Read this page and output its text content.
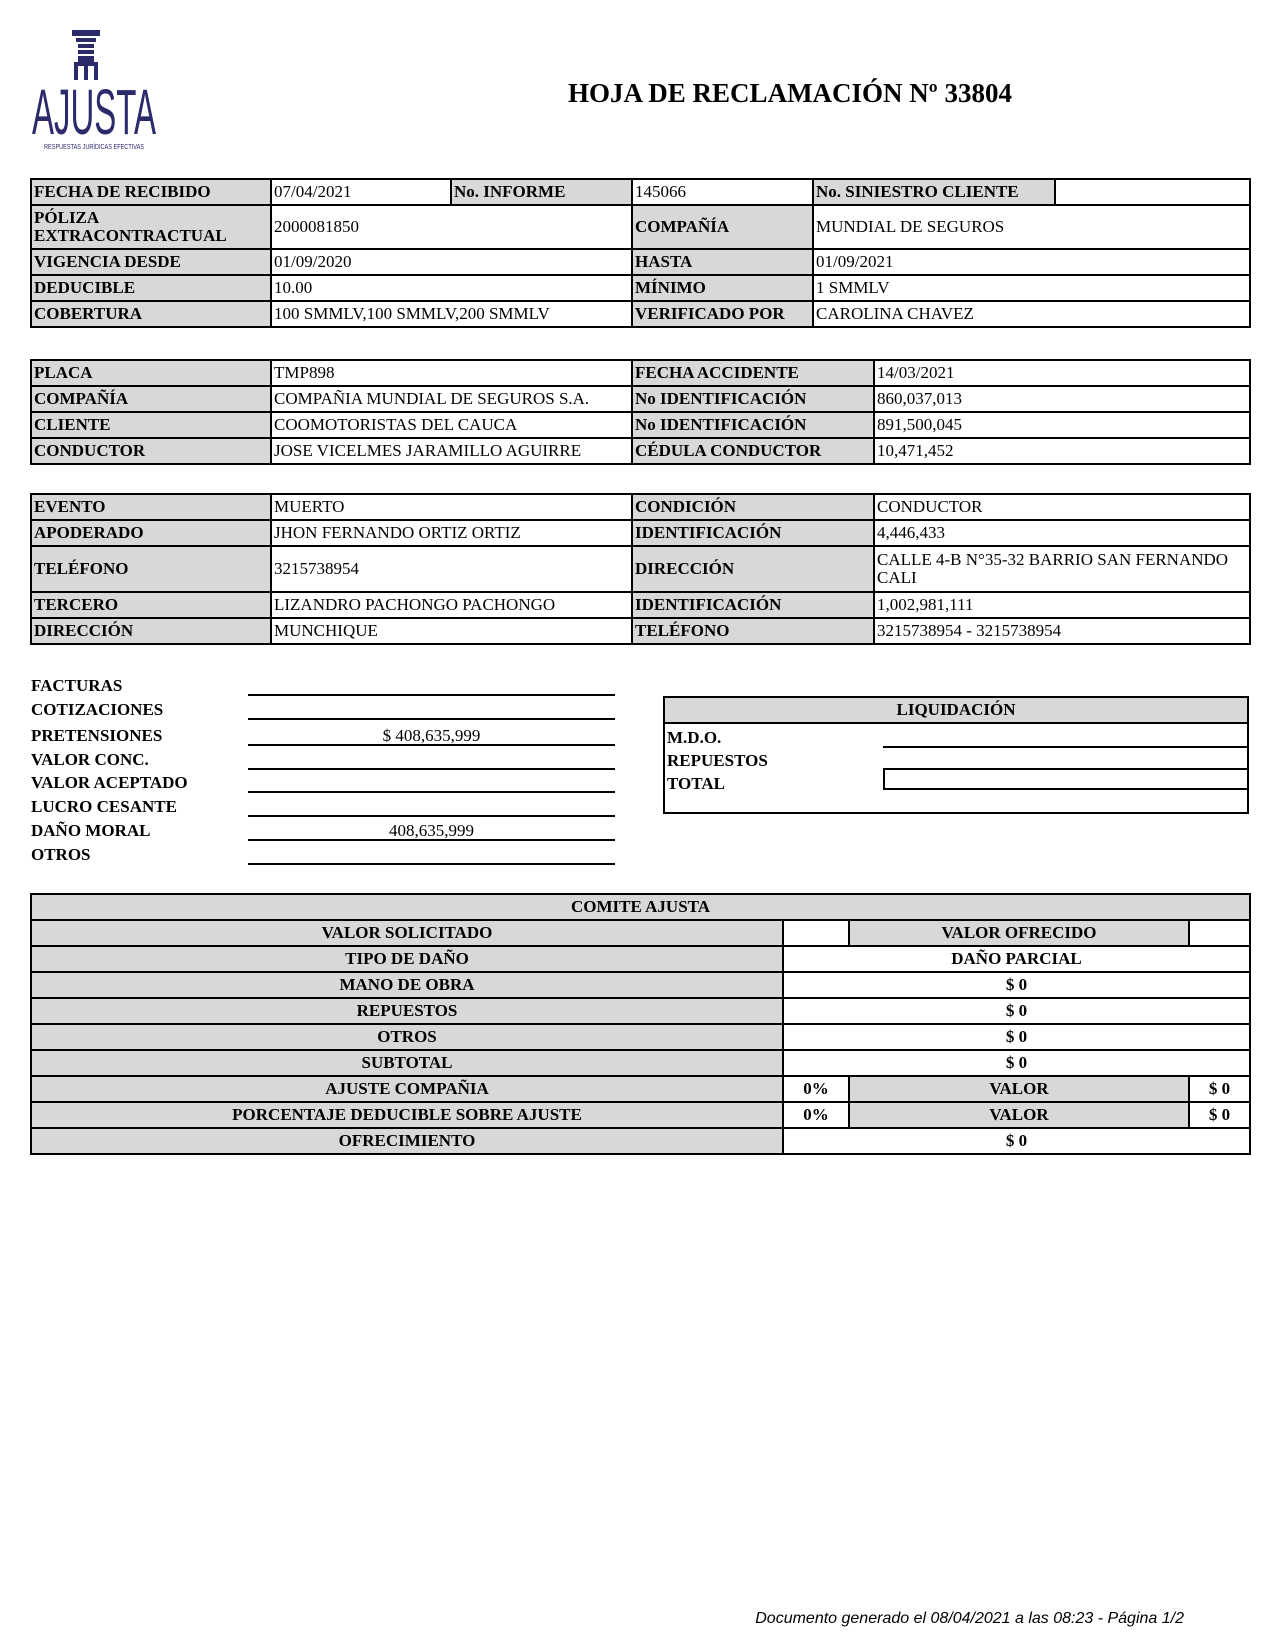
AJUSTA
RESPUESTAS JURÍDICAS EFECTIVAS
HOJA DE RECLAMACIÓN Nº 33804
FECHA DE RECIBIDO	07/04/2021	No. INFORME	145066	No. SINIESTRO CLIENTE	
PÓLIZA EXTRACONTRACTUAL	2000081850		COMPAÑÍA	MUNDIAL DE SEGUROS	
VIGENCIA DESDE	01/09/2020		HASTA	01/09/2021	
DEDUCIBLE	10.00		MÍNIMO	1 SMMLV	
COBERTURA	100 SMMLV,100 SMMLV,200 SMMLV		VERIFICADO POR	CAROLINA CHAVEZ	
PLACA	TMP898	FECHA ACCIDENTE	14/03/2021
COMPAÑÍA	COMPAÑIA MUNDIAL DE SEGUROS S.A.	No IDENTIFICACIÓN	860,037,013
CLIENTE	COOMOTORISTAS DEL CAUCA	No IDENTIFICACIÓN	891,500,045
CONDUCTOR	JOSE VICELMES JARAMILLO AGUIRRE	CÉDULA CONDUCTOR	10,471,452
EVENTO	MUERTO	CONDICIÓN	CONDUCTOR
APODERADO	JHON FERNANDO ORTIZ ORTIZ	IDENTIFICACIÓN	4,446,433
TELÉFONO	3215738954	DIRECCIÓN	CALLE 4-B N°35-32 BARRIO SAN FERNANDO CALI
TERCERO	LIZANDRO PACHONGO PACHONGO	IDENTIFICACIÓN	1,002,981,111
DIRECCIÓN	MUNCHIQUE	TELÉFONO	3215738954 - 3215738954
FACTURAS
COTIZACIONES
PRETENSIONES	$ 408,635,999
VALOR CONC.
VALOR ACEPTADO
LUCRO CESANTE
DAÑO MORAL	408,635,999
OTROS
LIQUIDACIÓN
M.D.O.
REPUESTOS
TOTAL
COMITE AJUSTA			
VALOR SOLICITADO		VALOR OFRECIDO	
TIPO DE DAÑO	DAÑO PARCIAL		
MANO DE OBRA	$ 0		
REPUESTOS	$ 0		
OTROS	$ 0		
SUBTOTAL	$ 0		
AJUSTE COMPAÑIA	0%	VALOR	$ 0
PORCENTAJE DEDUCIBLE SOBRE AJUSTE	0%	VALOR	$ 0
OFRECIMIENTO	$ 0		
Documento generado el 08/04/2021 a las 08:23 - Página 1/2
